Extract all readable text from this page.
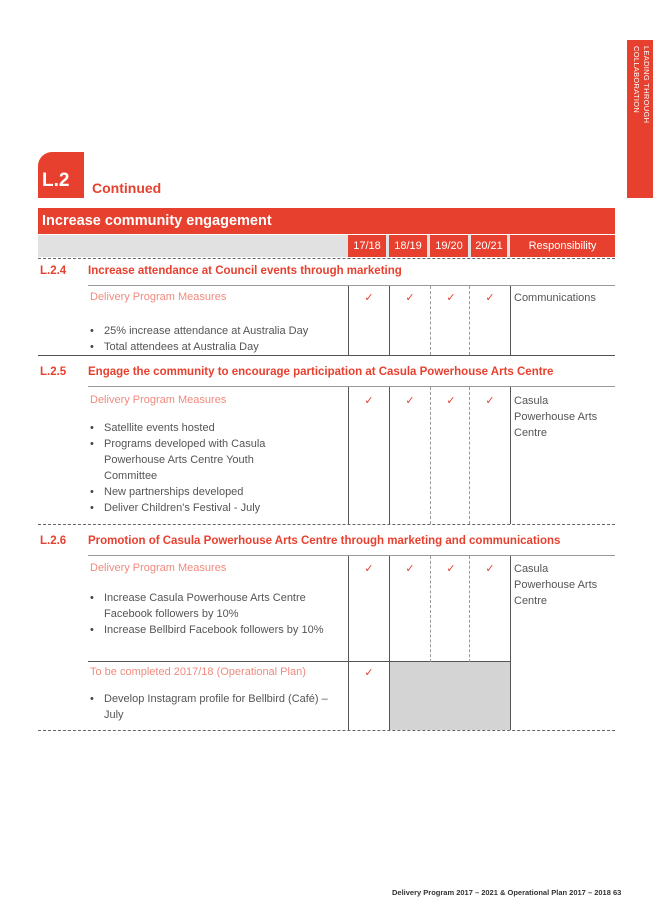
LEADING THROUGH COLLABORATION
L.2 Continued
Increase community engagement
17/18	18/19	19/20	20/21	Responsibility
L.2.4 Increase attendance at Council events through marketing
Delivery Program Measures
• 25% increase attendance at Australia Day
• Total attendees at Australia Day
✓	✓	✓	✓	Communications
L.2.5 Engage the community to encourage participation at Casula Powerhouse Arts Centre
Delivery Program Measures
• Satellite events hosted
• Programs developed with Casula Powerhouse Arts Centre Youth Committee
• New partnerships developed
• Deliver Children's Festival - July
✓	✓	✓	✓	Casula Powerhouse Arts Centre
L.2.6 Promotion of Casula Powerhouse Arts Centre through marketing and communications
Delivery Program Measures
• Increase Casula Powerhouse Arts Centre Facebook followers by 10%
• Increase Bellbird Facebook followers by 10%
✓	✓	✓	✓	Casula Powerhouse Arts Centre
To be completed 2017/18 (Operational Plan)
• Develop Instagram profile for Bellbird (Café) – July
✓
Delivery Program 2017 – 2021 & Operational Plan 2017 – 2018 63
